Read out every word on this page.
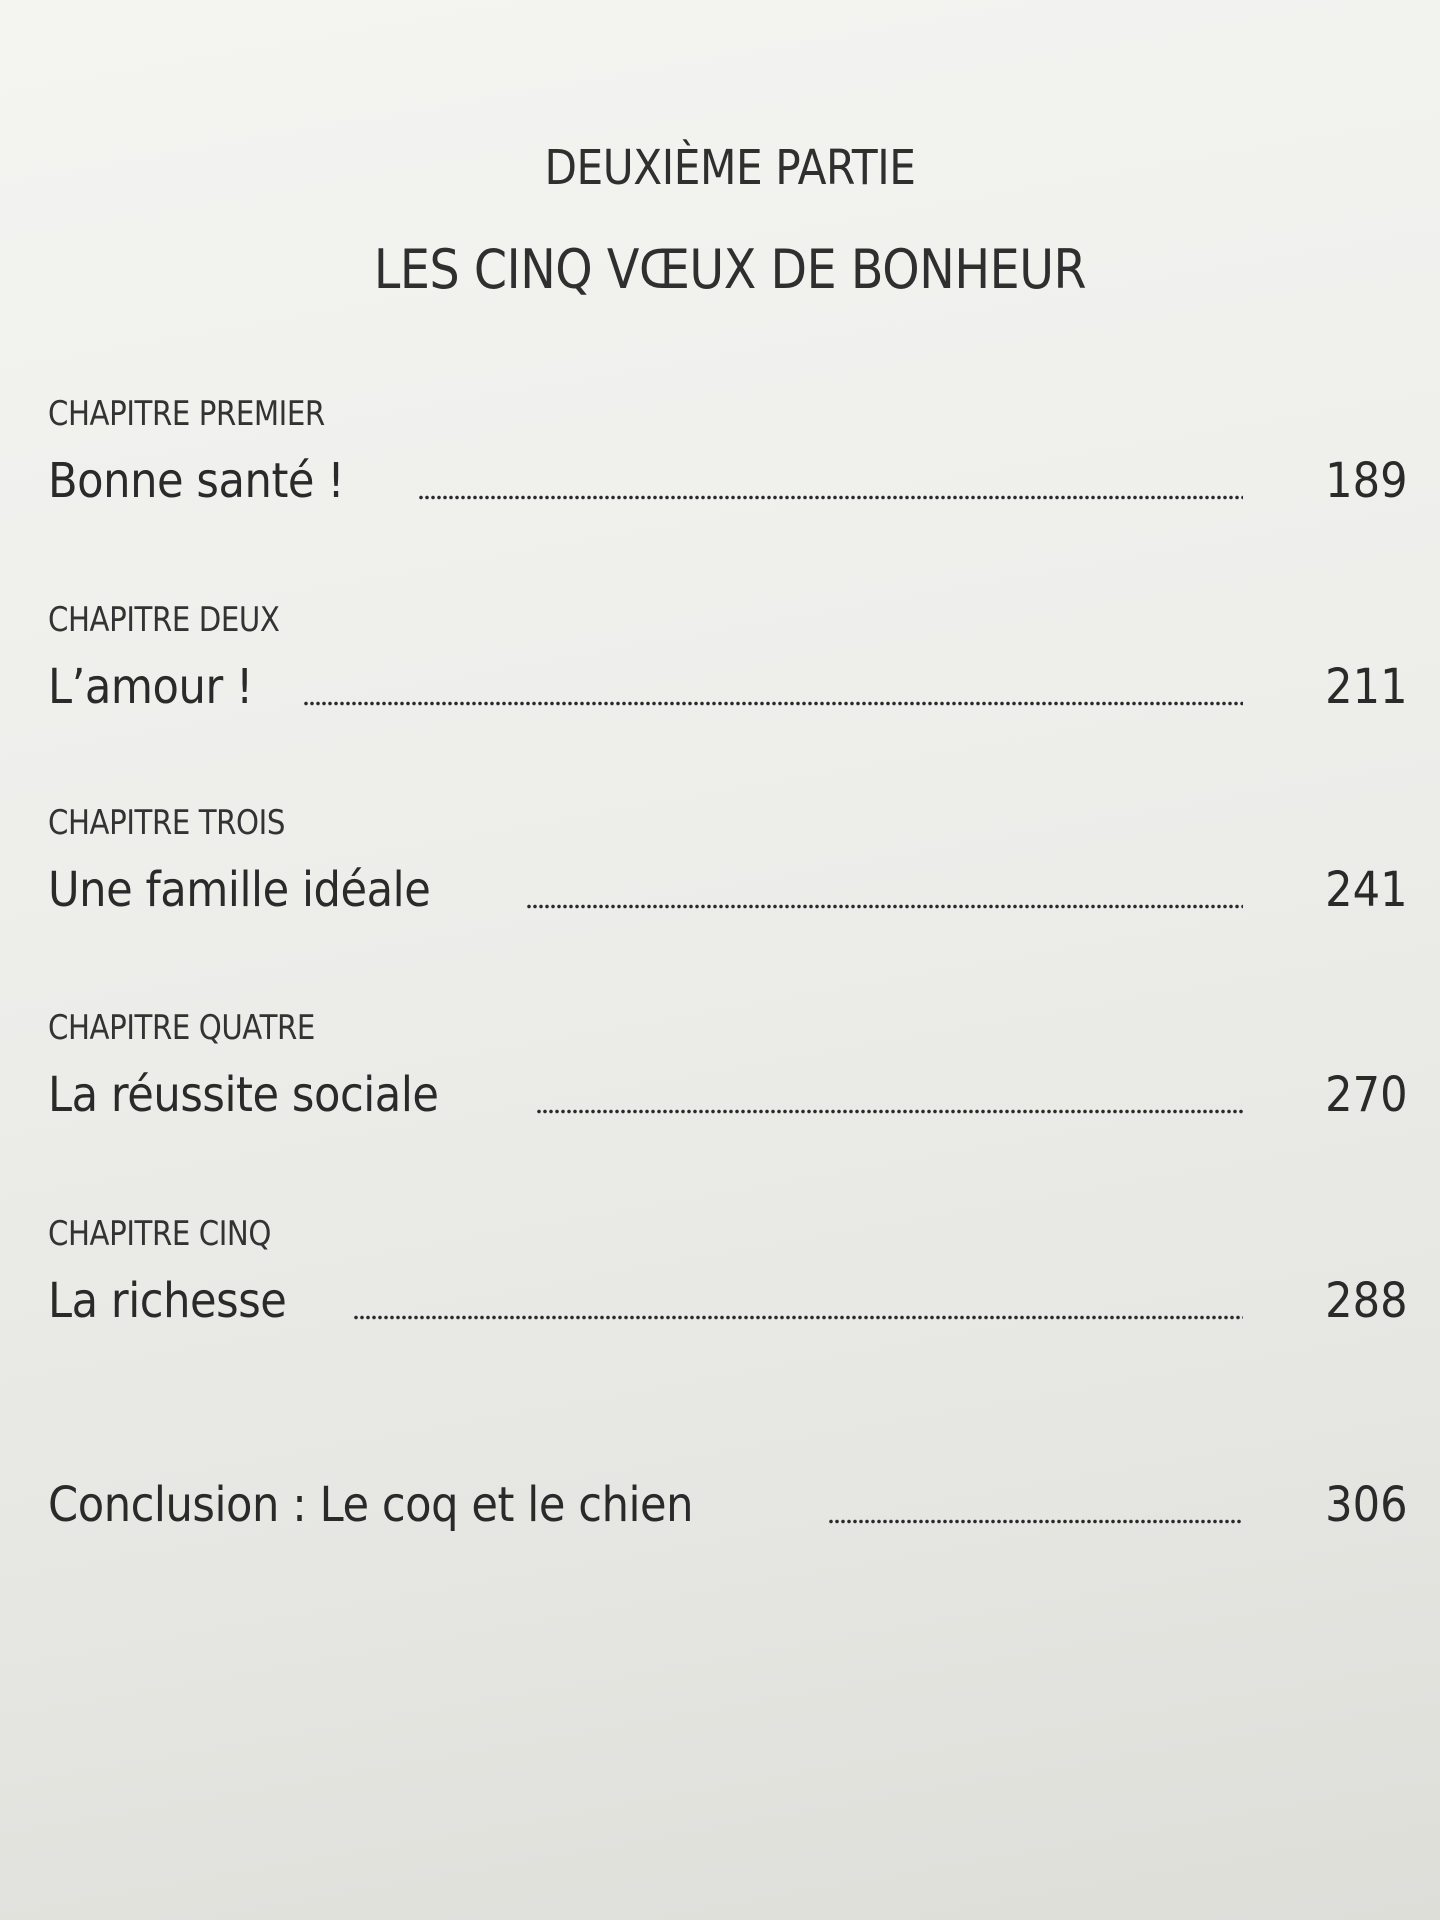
DEUXIÈME PARTIE
LES CINQ VŒUX DE BONHEUR
CHAPITRE PREMIER
Bonne santé !	189
CHAPITRE DEUX
L’amour !	211
CHAPITRE TROIS
Une famille idéale	241
CHAPITRE QUATRE
La réussite sociale	270
CHAPITRE CINQ
La richesse	288
Conclusion : Le coq et le chien	306
